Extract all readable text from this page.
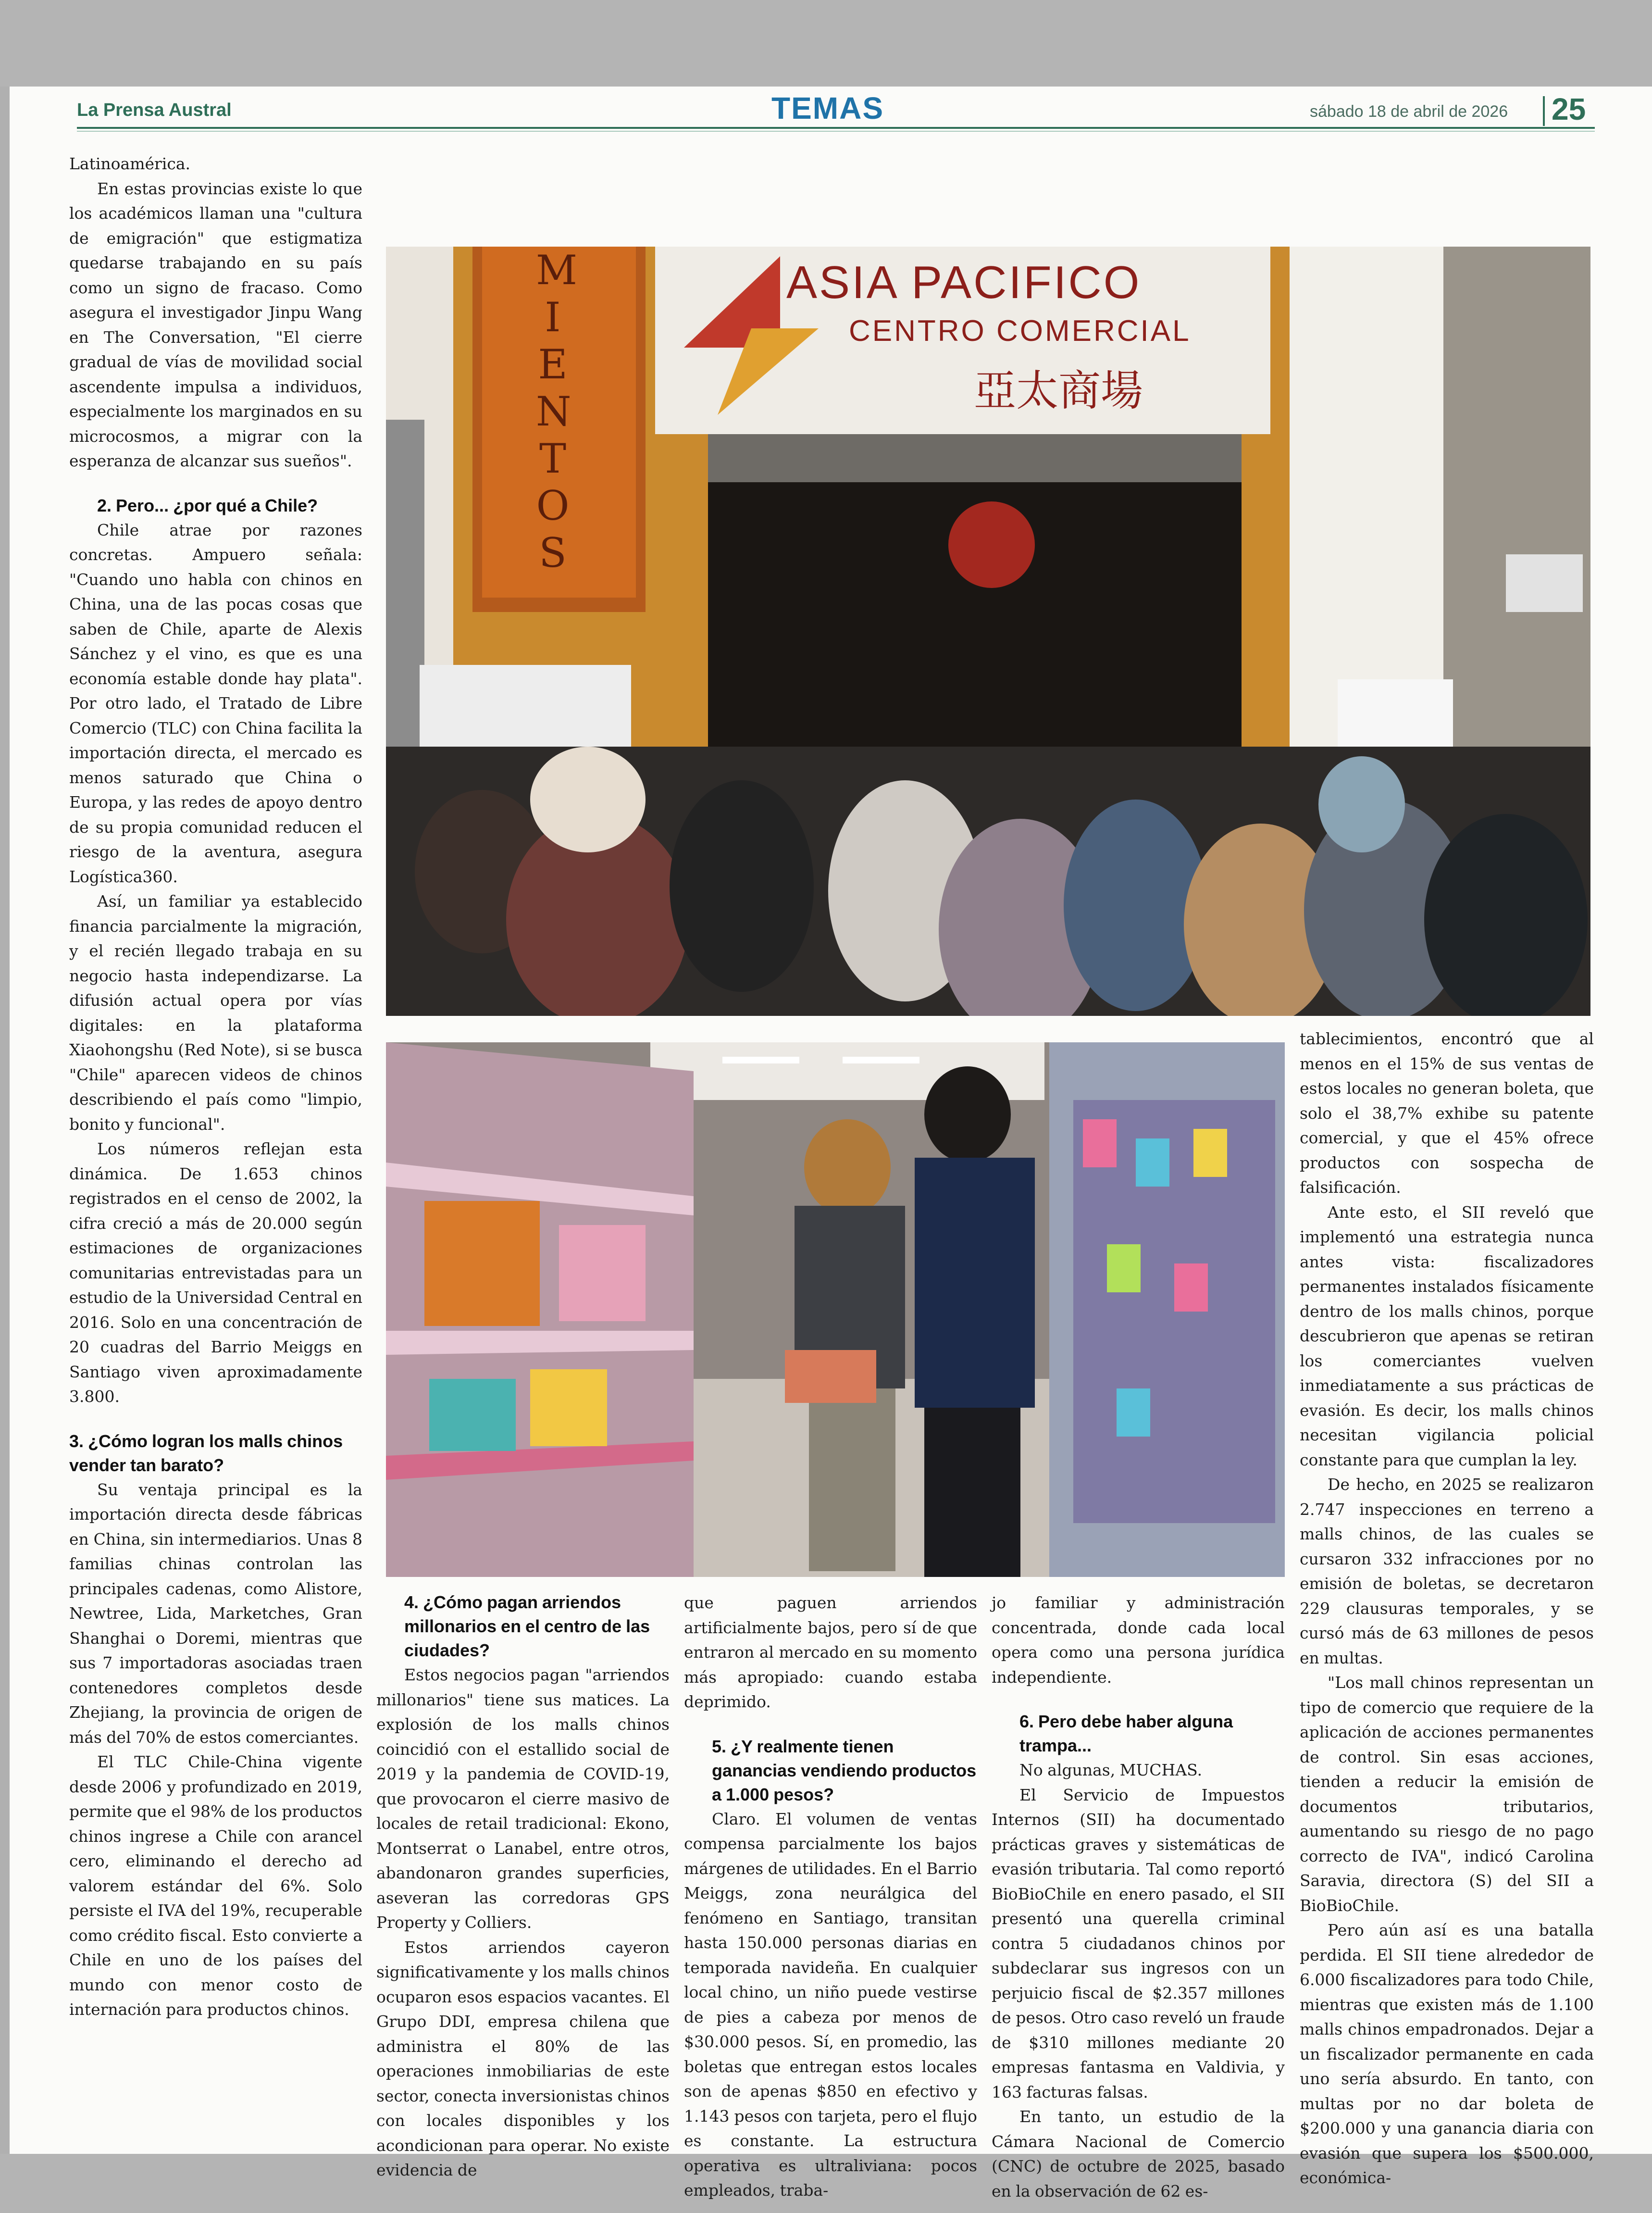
La Prensa Austral	TEMAS	sábado 18 de abril de 2026 25

Latinoamérica.

En estas provincias existe lo que los académicos llaman una "cultura de emigración" que estigmatiza quedarse trabajando en su país como un signo de fracaso. Como asegura el investigador Jinpu Wang en The Conversation, "El cierre gradual de vías de movilidad social ascendente impulsa a individuos, especialmente los marginados en su microcosmos, a migrar con la esperanza de alcanzar sus sueños".

2. Pero... ¿por qué a Chile?

Chile atrae por razones concretas. Ampuero señala: "Cuando uno habla con chinos en China, una de las pocas cosas que saben de Chile, aparte de Alexis Sánchez y el vino, es que es una economía estable donde hay plata". Por otro lado, el Tratado de Libre Comercio (TLC) con China facilita la importación directa, el mercado es menos saturado que China o Europa, y las redes de apoyo dentro de su propia comunidad reducen el riesgo de la aventura, asegura Logística360.

Así, un familiar ya establecido financia parcialmente la migración, y el recién llegado trabaja en su negocio hasta independizarse. La difusión actual opera por vías digitales: en la plataforma Xiaohongshu (Red Note), si se busca "Chile" aparecen videos de chinos describiendo el país como "limpio, bonito y funcional".

Los números reflejan esta dinámica. De 1.653 chinos registrados en el censo de 2002, la cifra creció a más de 20.000 según estimaciones de organizaciones comunitarias entrevistadas para un estudio de la Universidad Central en 2016. Solo en una concentración de 20 cuadras del Barrio Meiggs en Santiago viven aproximadamente 3.800.

3. ¿Cómo logran los malls chinos vender tan barato?

Su ventaja principal es la importación directa desde fábricas en China, sin intermediarios. Unas 8 familias chinas controlan las principales cadenas, como Alistore, Newtree, Lida, Marketches, Gran Shanghai o Doremi, mientras que sus 7 importadoras asociadas traen contenedores completos desde Zhejiang, la provincia de origen de más del 70% de estos comerciantes.

El TLC Chile-China vigente desde 2006 y profundizado en 2019, permite que el 98% de los productos chinos ingrese a Chile con arancel cero, eliminando el derecho ad valorem estándar del 6%. Solo persiste el IVA del 19%, recuperable como crédito fiscal. Esto convierte a Chile en uno de los países del mundo con menor costo de internación para productos chinos.

ASIA PACIFICO
CENTRO COMERCIAL
亞太商場
MIENTOS
4. ¿Cómo pagan arriendos millonarios en el centro de las ciudades?

Estos negocios pagan "arriendos millonarios" tiene sus matices. La explosión de los malls chinos coincidió con el estallido social de 2019 y la pandemia de COVID-19, que provocaron el cierre masivo de locales de retail tradicional: Ekono, Montserrat o Lanabel, entre otros, abandonaron grandes superficies, aseveran las corredoras GPS Property y Colliers.

Estos arriendos cayeron significativamente y los malls chinos ocuparon esos espacios vacantes. El Grupo DDI, empresa chilena que administra el 80% de las operaciones inmobiliarias de este sector, conecta inversionistas chinos con locales disponibles y los acondicionan para operar. No existe evidencia de

que paguen arriendos artificialmente bajos, pero sí de que entraron al mercado en su momento más apropiado: cuando estaba deprimido.

5. ¿Y realmente tienen ganancias vendiendo productos a 1.000 pesos?

Claro. El volumen de ventas compensa parcialmente los bajos márgenes de utilidades. En el Barrio Meiggs, zona neurálgica del fenómeno en Santiago, transitan hasta 150.000 personas diarias en temporada navideña. En cualquier local chino, un niño puede vestirse de pies a cabeza por menos de $30.000 pesos. Sí, en promedio, las boletas que entregan estos locales son de apenas $850 en efectivo y 1.143 pesos con tarjeta, pero el flujo es constante. La estructura operativa es ultraliviana: pocos empleados, traba-

jo familiar y administración concentrada, donde cada local opera como una persona jurídica independiente.

6. Pero debe haber alguna trampa...

No algunas, MUCHAS.

El Servicio de Impuestos Internos (SII) ha documentado prácticas graves y sistemáticas de evasión tributaria. Tal como reportó BioBioChile en enero pasado, el SII presentó una querella criminal contra 5 ciudadanos chinos por subdeclarar sus ingresos con un perjuicio fiscal de $2.357 millones de pesos. Otro caso reveló un fraude de $310 millones mediante 20 empresas fantasma en Valdivia, y 163 facturas falsas.

En tanto, un estudio de la Cámara Nacional de Comercio (CNC) de octubre de 2025, basado en la observación de 62 es-

tablecimientos, encontró que al menos en el 15% de sus ventas de estos locales no generan boleta, que solo el 38,7% exhibe su patente comercial, y que el 45% ofrece productos con sospecha de falsificación.

Ante esto, el SII reveló que implementó una estrategia nunca antes vista: fiscalizadores permanentes instalados físicamente dentro de los malls chinos, porque descubrieron que apenas se retiran los comerciantes vuelven inmediatamente a sus prácticas de evasión. Es decir, los malls chinos necesitan vigilancia policial constante para que cumplan la ley.

De hecho, en 2025 se realizaron 2.747 inspecciones en terreno a malls chinos, de las cuales se cursaron 332 infracciones por no emisión de boletas, se decretaron 229 clausuras temporales, y se cursó más de 63 millones de pesos en multas.

"Los mall chinos representan un tipo de comercio que requiere de la aplicación de acciones permanentes de control. Sin esas acciones, tienden a reducir la emisión de documentos tributarios, aumentando su riesgo de no pago correcto de IVA", indicó Carolina Saravia, directora (S) del SII a BioBioChile.

Pero aún así es una batalla perdida. El SII tiene alrededor de 6.000 fiscalizadores para todo Chile, mientras que existen más de 1.100 malls chinos empadronados. Dejar a un fiscalizador permanente en cada uno sería absurdo. En tanto, con multas por no dar boleta de $200.000 y una ganancia diaria con evasión que supera los $500.000, económica-
